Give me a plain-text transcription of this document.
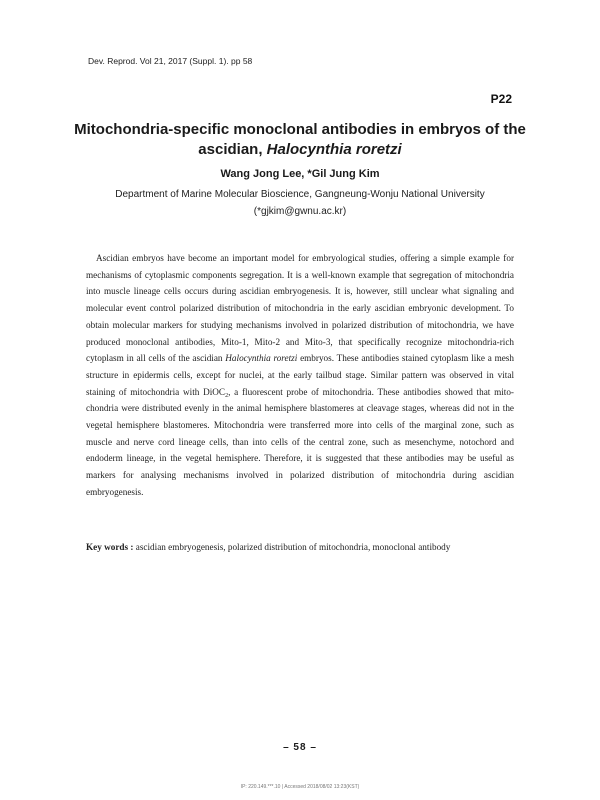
Dev. Reprod. Vol 21, 2017 (Suppl. 1). pp 58
P22
Mitochondria-specific monoclonal antibodies in embryos of the ascidian, Halocynthia roretzi
Wang Jong Lee, *Gil Jung Kim
Department of Marine Molecular Bioscience, Gangneung-Wonju National University
(*gjkim@gwnu.ac.kr)

Ascidian embryos have become an important model for embryological studies, offering a simple example for mechanisms of cytoplasmic components segregation. It is a well-known example that segregation of mitochondria into muscle lineage cells occurs during ascidian embryogenesis. It is, however, still unclear what signaling and molecular event control polarized distribution of mitochondria in the early ascidian embryonic development. To obtain molecular markers for studying mechanisms involved in polarized distribution of mitochondria, we have produced monoclonal antibodies, Mito-1, Mito-2 and Mito-3, that specifically recognize mitochondria-rich cytoplasm in all cells of the ascidian Halocynthia roretzi embryos. These antibodies stained cytoplasm like a mesh structure in epidermis cells, except for nuclei, at the early tailbud stage. Similar pattern was observed in vital staining of mitochondria with DiOC$_2$, a fluorescent probe of mitochondria. These antibodies showed that mito-chondria were distributed evenly in the animal hemisphere blastomeres at cleavage stages, whereas did not in the vegetal hemisphere blastomeres. Mitochondria were transferred more into cells of the marginal zone, such as muscle and nerve cord lineage cells, than into cells of the central zone, such as mesenchyme, notochord and endoderm lineage, in the vegetal hemisphere. Therefore, it is suggested that these antibodies may be useful as markers for analysing mechanisms involved in polarized distribution of mitochondria during ascidian embryogenesis.

Key words : ascidian embryogenesis, polarized distribution of mitochondria, monoclonal antibody
– 58 –
IP: 220.149.***.10 | Accessed 2018/08/02 13:23(KST)
